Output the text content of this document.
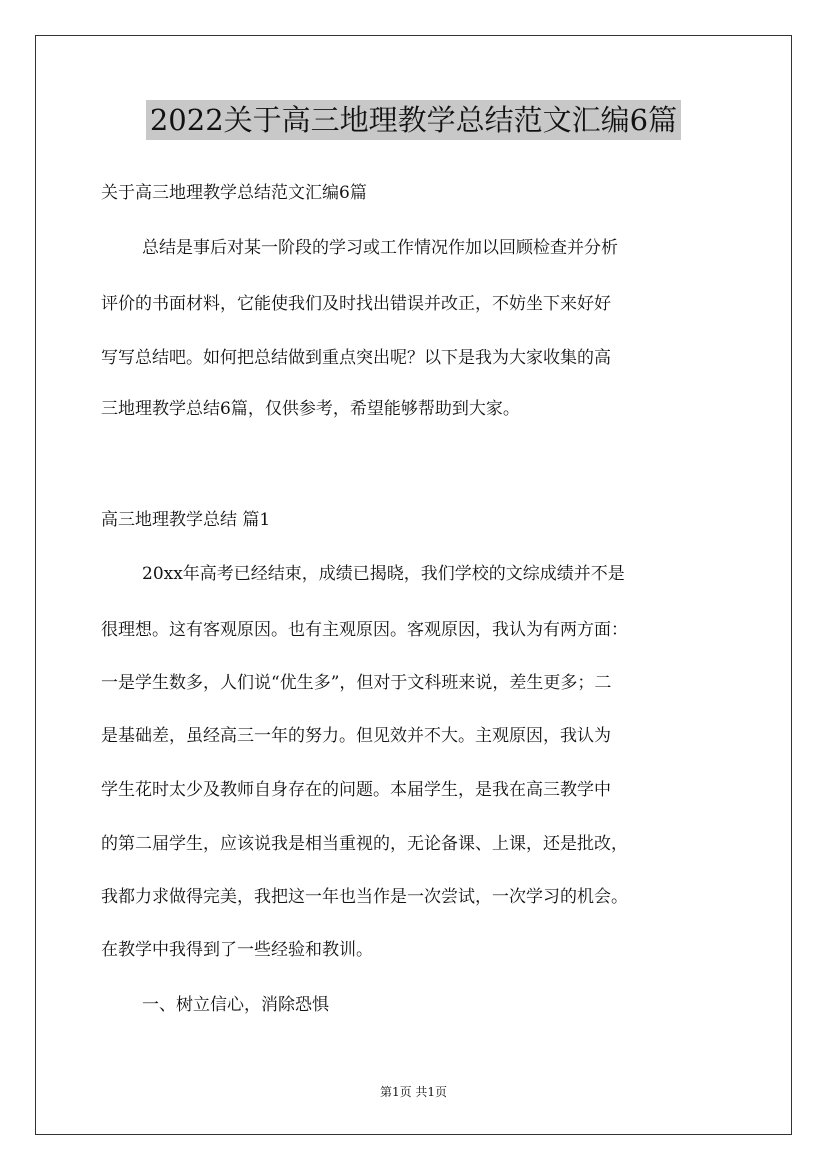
2022关于高三地理教学总结范文汇编6篇
关于高三地理教学总结范文汇编6篇
总结是事后对某一阶段的学习或工作情况作加以回顾检查并分析
评价的书面材料，它能使我们及时找出错误并改正，不妨坐下来好好
写写总结吧。如何把总结做到重点突出呢？以下是我为大家收集的高
三地理教学总结6篇，仅供参考，希望能够帮助到大家。
高三地理教学总结 篇1
20xx年高考已经结束，成绩已揭晓，我们学校的文综成绩并不是
很理想。这有客观原因。也有主观原因。客观原因，我认为有两方面：
一是学生数多，人们说“优生多”，但对于文科班来说，差生更多；二
是基础差，虽经高三一年的努力。但见效并不大。主观原因，我认为
学生花时太少及教师自身存在的问题。本届学生，是我在高三教学中
的第二届学生，应该说我是相当重视的，无论备课、上课，还是批改，
我都力求做得完美，我把这一年也当作是一次尝试，一次学习的机会。
在教学中我得到了一些经验和教训。
一、树立信心，消除恐惧
第1页 共1页
